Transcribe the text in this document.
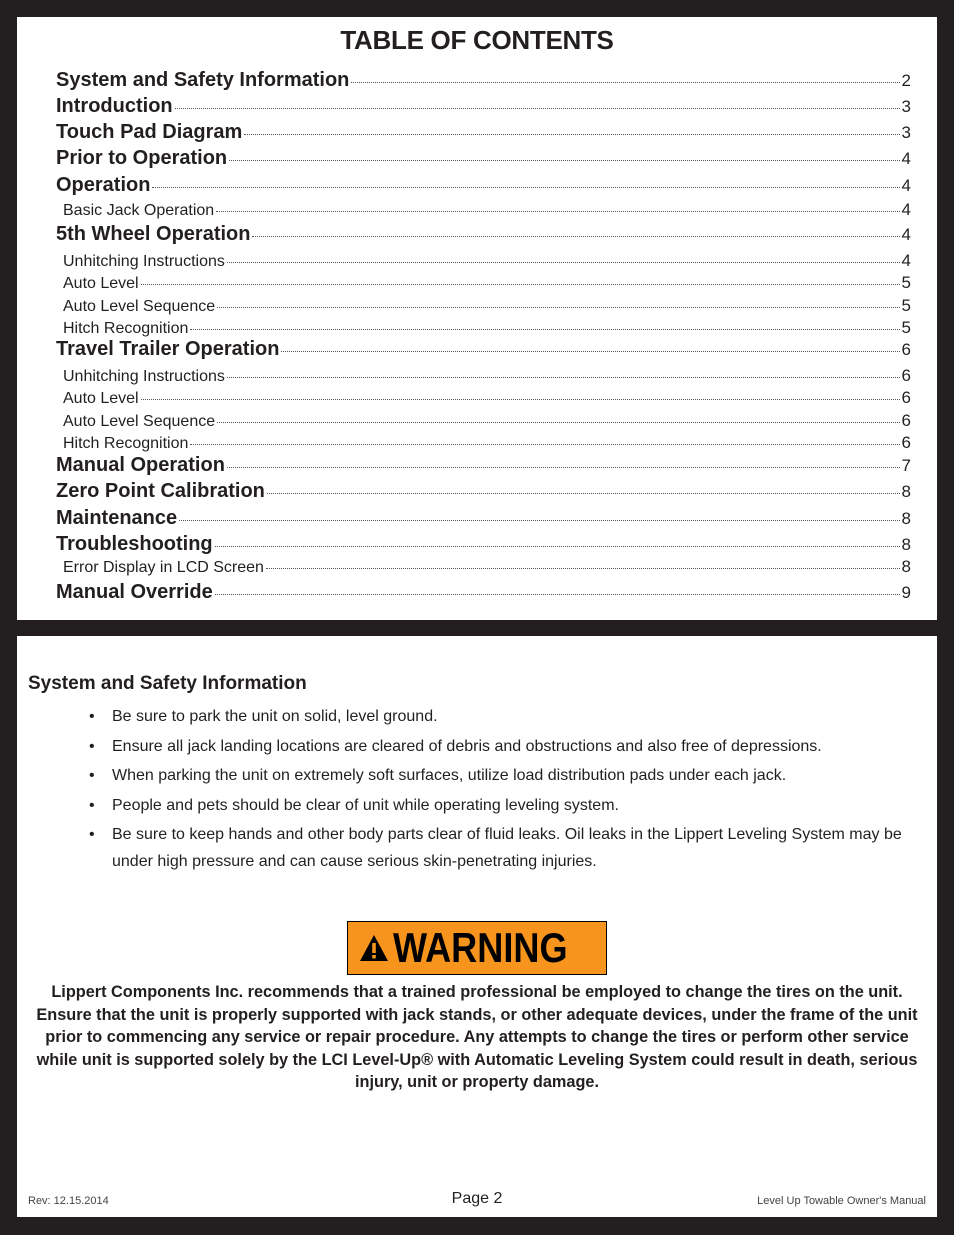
TABLE OF CONTENTS
System and Safety Information	2
Introduction	3
Touch Pad Diagram	3
Prior to Operation	4
Operation	4
Basic Jack Operation	4
5th Wheel Operation	4
Unhitching Instructions	4
Auto Level	5
Auto Level Sequence	5
Hitch Recognition	5
Travel Trailer Operation	6
Unhitching Instructions	6
Auto Level	6
Auto Level Sequence	6
Hitch Recognition	6
Manual Operation	7
Zero Point Calibration	8
Maintenance	8
Troubleshooting	8
Error Display in LCD Screen	8
Manual Override	9
System and Safety Information
• Be sure to park the unit on solid, level ground.
• Ensure all jack landing locations are cleared of debris and obstructions and also free of depressions.
• When parking the unit on extremely soft surfaces, utilize load distribution pads under each jack.
• People and pets should be clear of unit while operating leveling system.
• Be sure to keep hands and other body parts clear of fluid leaks. Oil leaks in the Lippert Leveling System may be under high pressure and can cause serious skin-penetrating injuries.
WARNING
Lippert Components Inc. recommends that a trained professional be employed to change the tires on the unit. Ensure that the unit is properly supported with jack stands, or other adequate devices, under the frame of the unit prior to commencing any service or repair procedure. Any attempts to change the tires or perform other service while unit is supported solely by the LCI Level-Up® with Automatic Leveling System could result in death, serious injury, unit or property damage.
Rev: 12.15.2014	Page 2	Level Up Towable Owner's Manual
